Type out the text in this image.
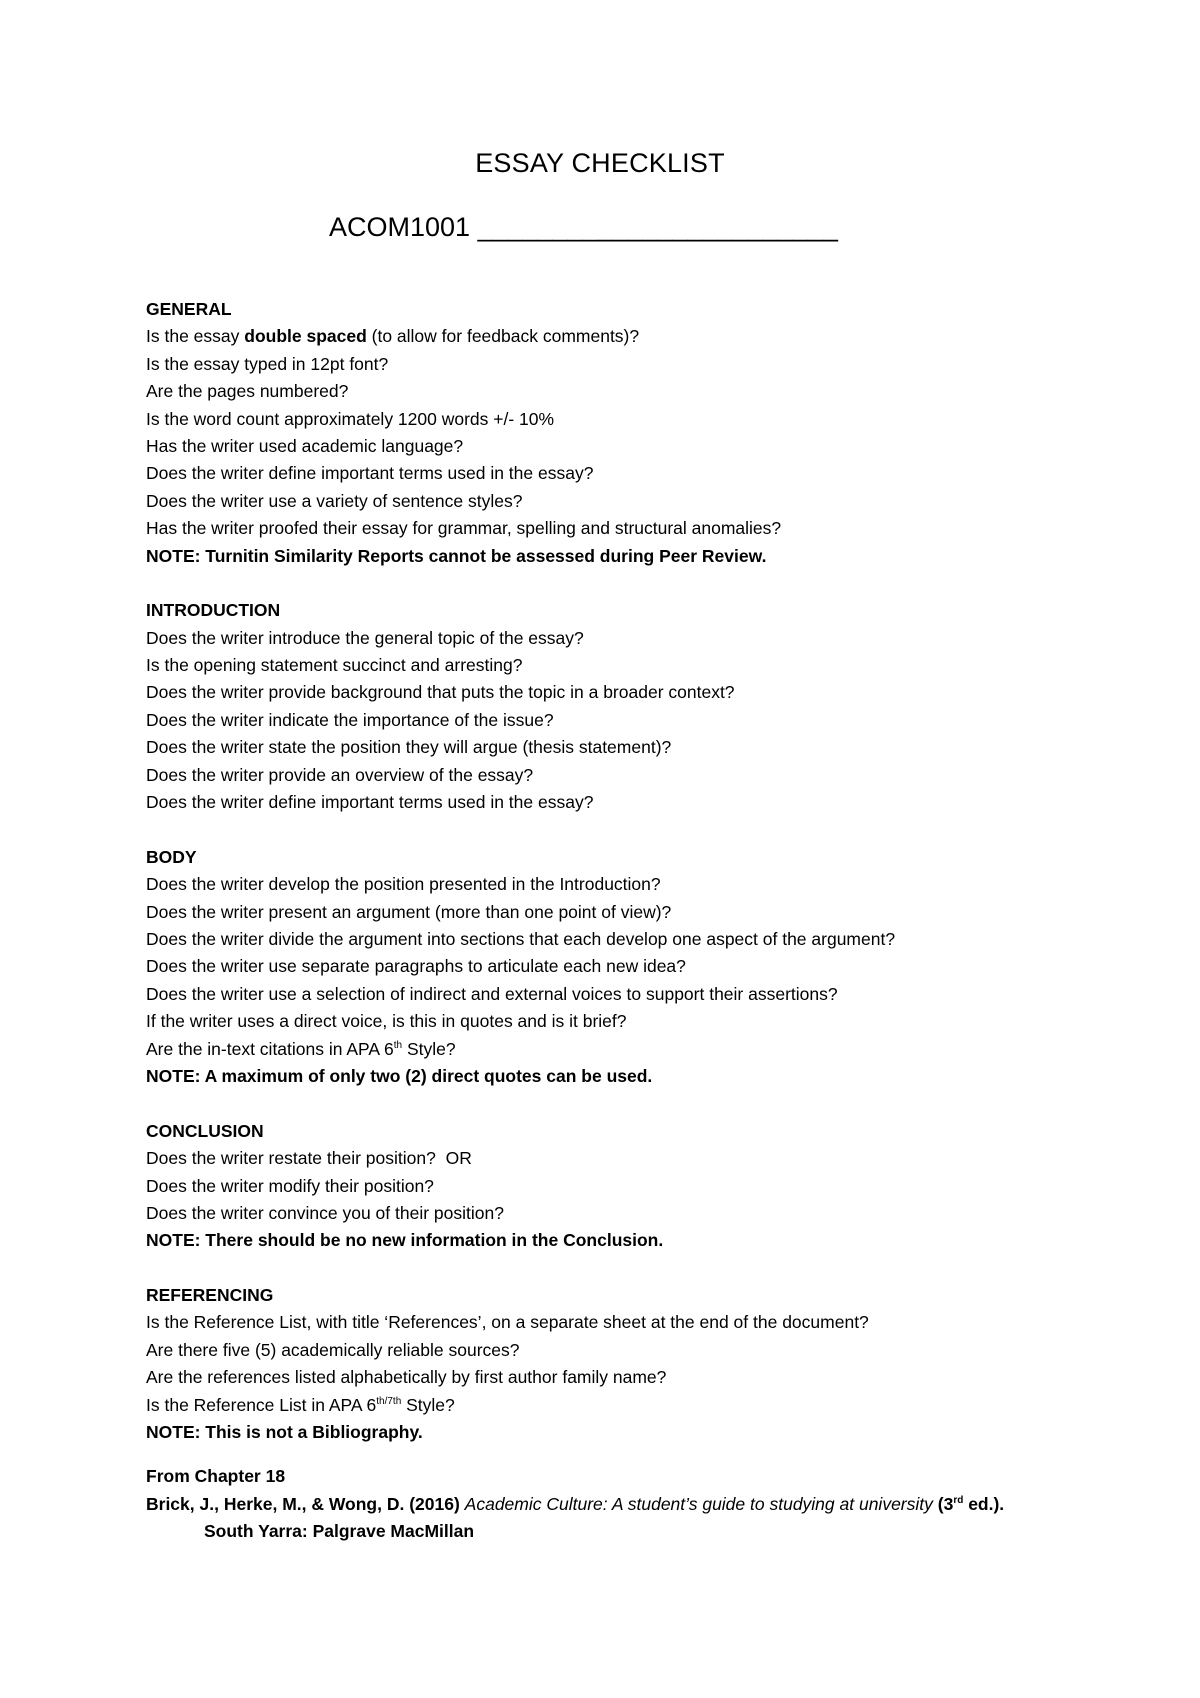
ESSAY CHECKLIST
ACOM1001 ________________________
GENERAL
Is the essay double spaced (to allow for feedback comments)?
Is the essay typed in 12pt font?
Are the pages numbered?
Is the word count approximately 1200 words +/- 10%
Has the writer used academic language?
Does the writer define important terms used in the essay?
Does the writer use a variety of sentence styles?
Has the writer proofed their essay for grammar, spelling and structural anomalies?
NOTE: Turnitin Similarity Reports cannot be assessed during Peer Review.
INTRODUCTION
Does the writer introduce the general topic of the essay?
Is the opening statement succinct and arresting?
Does the writer provide background that puts the topic in a broader context?
Does the writer indicate the importance of the issue?
Does the writer state the position they will argue (thesis statement)?
Does the writer provide an overview of the essay?
Does the writer define important terms used in the essay?
BODY
Does the writer develop the position presented in the Introduction?
Does the writer present an argument (more than one point of view)?
Does the writer divide the argument into sections that each develop one aspect of the argument?
Does the writer use separate paragraphs to articulate each new idea?
Does the writer use a selection of indirect and external voices to support their assertions?
If the writer uses a direct voice, is this in quotes and is it brief?
Are the in-text citations in APA 6th Style?
NOTE: A maximum of only two (2) direct quotes can be used.
CONCLUSION
Does the writer restate their position?  OR
Does the writer modify their position?
Does the writer convince you of their position?
NOTE: There should be no new information in the Conclusion.
REFERENCING
Is the Reference List, with title ‘References’, on a separate sheet at the end of the document?
Are there five (5) academically reliable sources?
Are the references listed alphabetically by first author family name?
Is the Reference List in APA $6^{th/7th}$ Style?
NOTE: This is not a Bibliography.
From Chapter 18
Brick, J., Herke, M., & Wong, D. (2016) Academic Culture: A student’s guide to studying at university (3rd ed.).
South Yarra: Palgrave MacMillan
